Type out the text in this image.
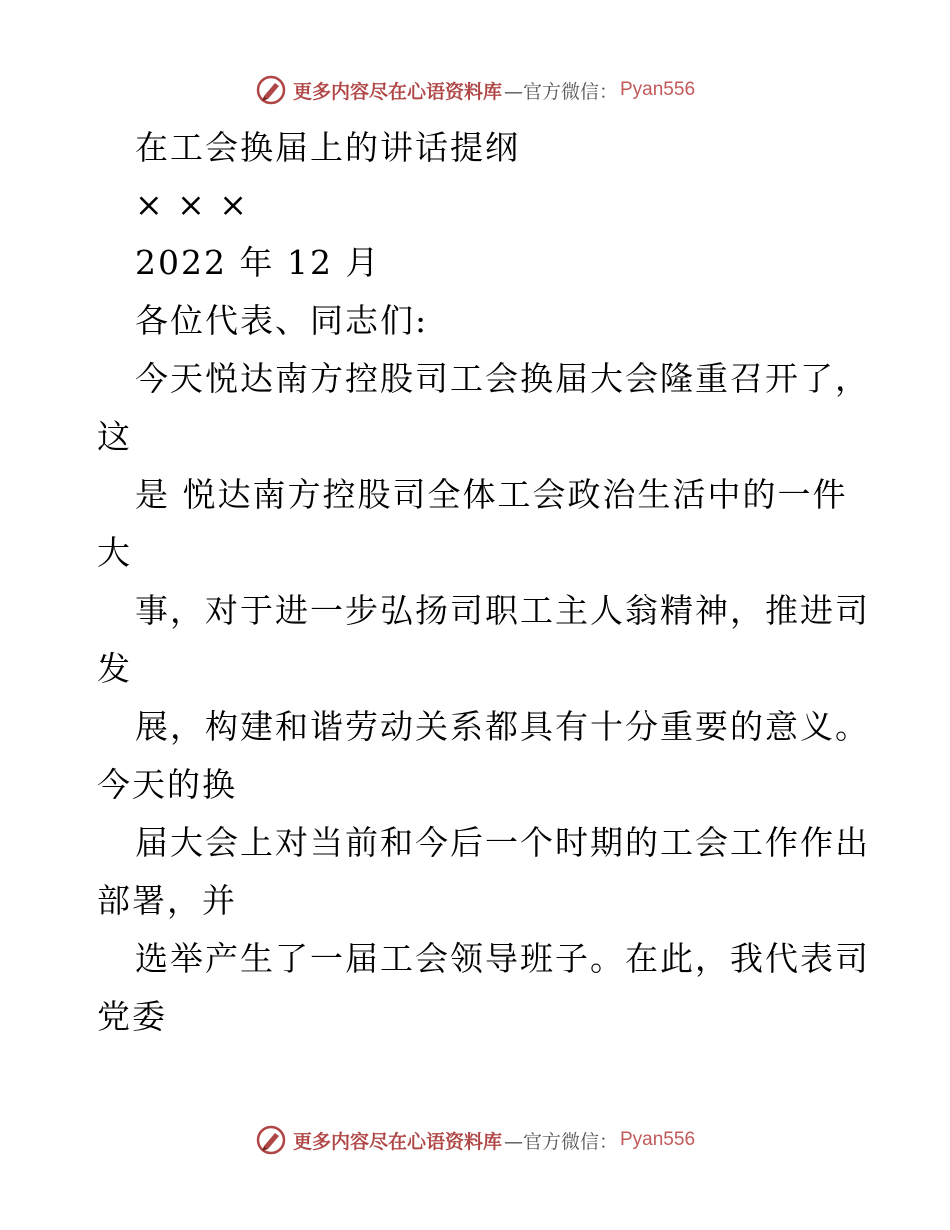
更多内容尽在心语资料库 —官方微信： Pyan556
在工会换届上的讲话提纲
× × ×
2022 年 12 月
各位代表、同志们:
今天悦达南方控股司工会换届大会隆重召开了，
这
是 悦达南方控股司全体工会政治生活中的一件
大
事，对于进一步弘扬司职工主人翁精神，推进司
发
展，构建和谐劳动关系都具有十分重要的意义。
今天的换
届大会上对当前和今后一个时期的工会工作作出
部署，并
选举产生了一届工会领导班子。在此，我代表司
党委
更多内容尽在心语资料库 —官方微信： Pyan556
